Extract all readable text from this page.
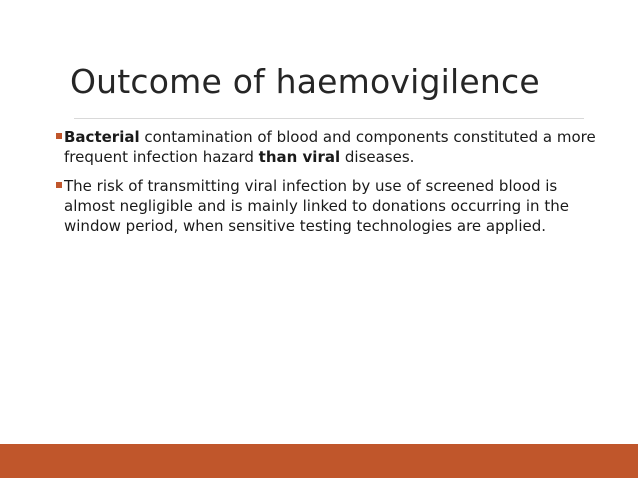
Outcome of haemovigilence
Bacterial contamination of blood and components constituted a more frequent infection hazard than viral diseases.
The risk of transmitting viral infection by use of screened blood is almost negligible and is mainly linked to donations occurring in the window period, when sensitive testing technologies are applied.
